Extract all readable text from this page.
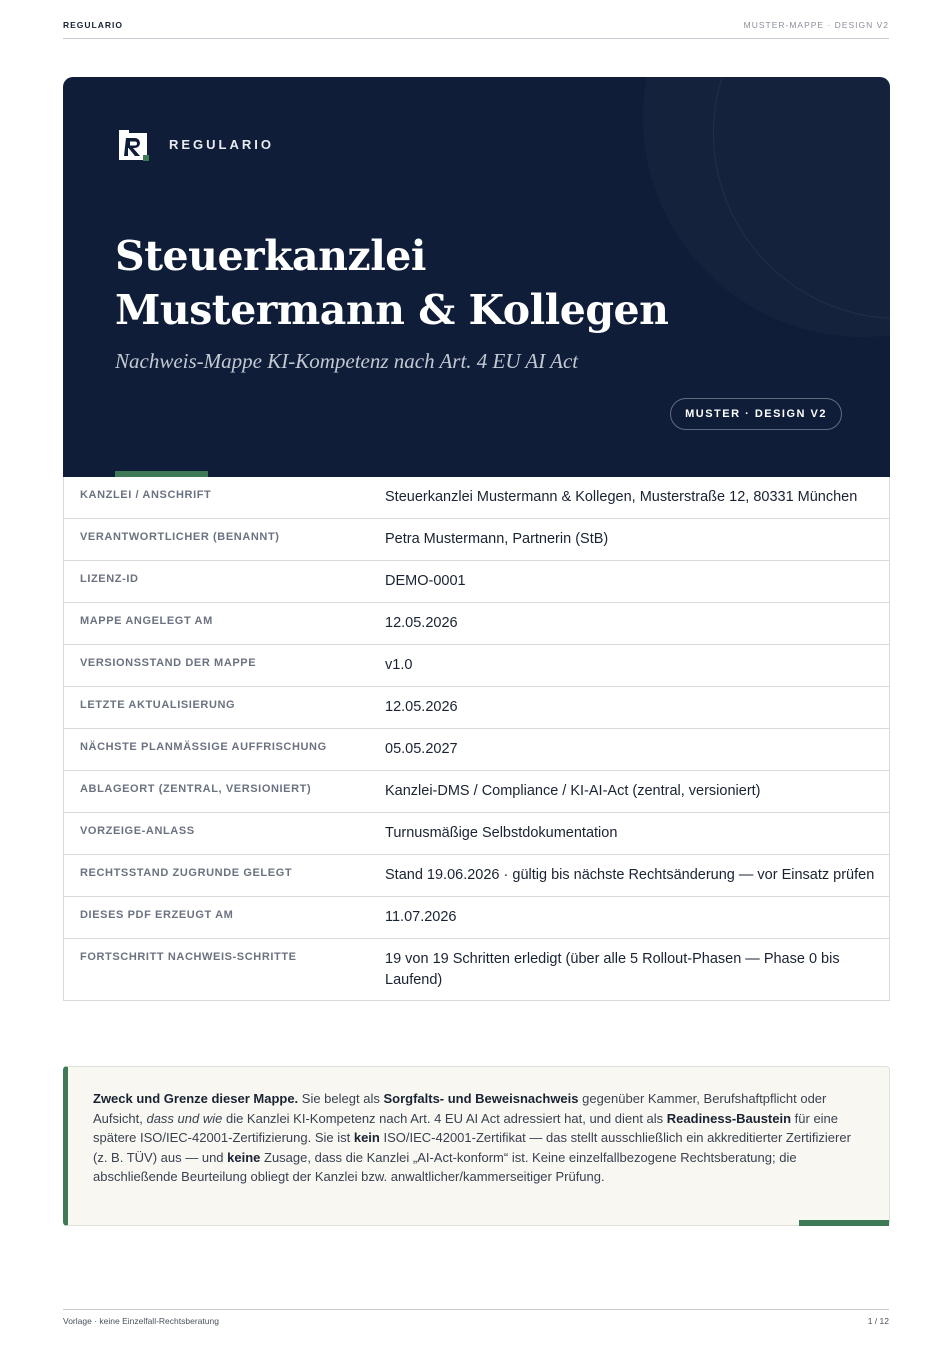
REGULARIO	MUSTER-MAPPE · DESIGN V2
REGULARIO
Steuerkanzlei
Mustermann & Kollegen

Nachweis-Mappe KI-Kompetenz nach Art. 4 EU AI Act

MUSTER · DESIGN V2
KANZLEI / ANSCHRIFT	Steuerkanzlei Mustermann & Kollegen, Musterstraße 12, 80331 München
VERANTWORTLICHER (BENANNT)	Petra Mustermann, Partnerin (StB)
LIZENZ-ID	DEMO-0001
MAPPE ANGELEGT AM	12.05.2026
VERSIONSSTAND DER MAPPE	v1.0
LETZTE AKTUALISIERUNG	12.05.2026
NÄCHSTE PLANMÄSSIGE AUFFRISCHUNG	05.05.2027
ABLAGEORT (ZENTRAL, VERSIONIERT)	Kanzlei-DMS / Compliance / KI-AI-Act (zentral, versioniert)
VORZEIGE-ANLASS	Turnusmäßige Selbstdokumentation
RECHTSSTAND ZUGRUNDE GELEGT	Stand 19.06.2026 · gültig bis nächste Rechtsänderung — vor Einsatz prüfen
DIESES PDF ERZEUGT AM	11.07.2026
FORTSCHRITT NACHWEIS-SCHRITTE	19 von 19 Schritten erledigt (über alle 5 Rollout-Phasen — Phase 0 bis Laufend)

Zweck und Grenze dieser Mappe. Sie belegt als Sorgfalts- und Beweisnachweis gegenüber Kammer, Berufshaftpflicht oder Aufsicht, dass und wie die Kanzlei KI-Kompetenz nach Art. 4 EU AI Act adressiert hat, und dient als Readiness-Baustein für eine spätere ISO/IEC-42001-Zertifizierung. Sie ist kein ISO/IEC-42001-Zertifikat — das stellt ausschließlich ein akkreditierter Zertifizierer (z. B. TÜV) aus — und keine Zusage, dass die Kanzlei „AI-Act-konform“ ist. Keine einzelfallbezogene Rechtsberatung; die abschließende Beurteilung obliegt der Kanzlei bzw. anwaltlicher/kammerseitiger Prüfung.

Vorlage · keine Einzelfall-Rechtsberatung	1 / 12
